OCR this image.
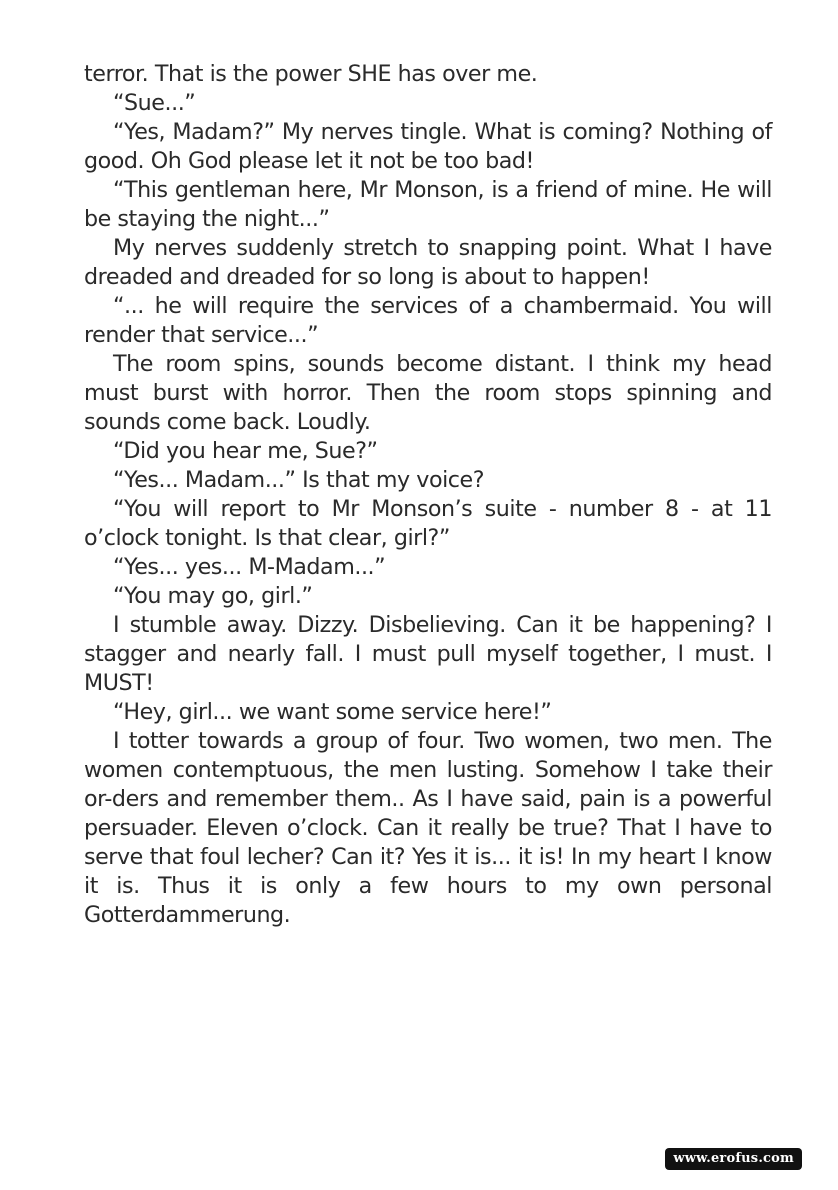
terror. That is the power SHE has over me.

“Sue...”

“Yes, Madam?” My nerves tingle. What is coming? Nothing of good. Oh God please let it not be too bad!

“This gentleman here, Mr Monson, is a friend of mine. He will be staying the night...”

My nerves suddenly stretch to snapping point. What I have dreaded and dreaded for so long is about to happen!

“... he will require the services of a chambermaid. You will render that service...”

The room spins, sounds become distant. I think my head must burst with horror. Then the room stops spinning and sounds come back. Loudly.

“Did you hear me, Sue?”

“Yes... Madam...” Is that my voice?

“You will report to Mr Monson’s suite - number 8 - at 11 o’clock tonight. Is that clear, girl?”

“Yes... yes... M-Madam...”

“You may go, girl.”

I stumble away. Dizzy. Disbelieving. Can it be happening? I stagger and nearly fall. I must pull myself together, I must. I MUST!

“Hey, girl... we want some service here!”

I totter towards a group of four. Two women, two men. The women contemptuous, the men lusting. Somehow I take their or-ders and remember them.. As I have said, pain is a powerful persuader. Eleven o’clock. Can it really be true? That I have to serve that foul lecher? Can it? Yes it is... it is! In my heart I know it is. Thus it is only a few hours to my own personal Gotterdammerung.

www.erofus.com
